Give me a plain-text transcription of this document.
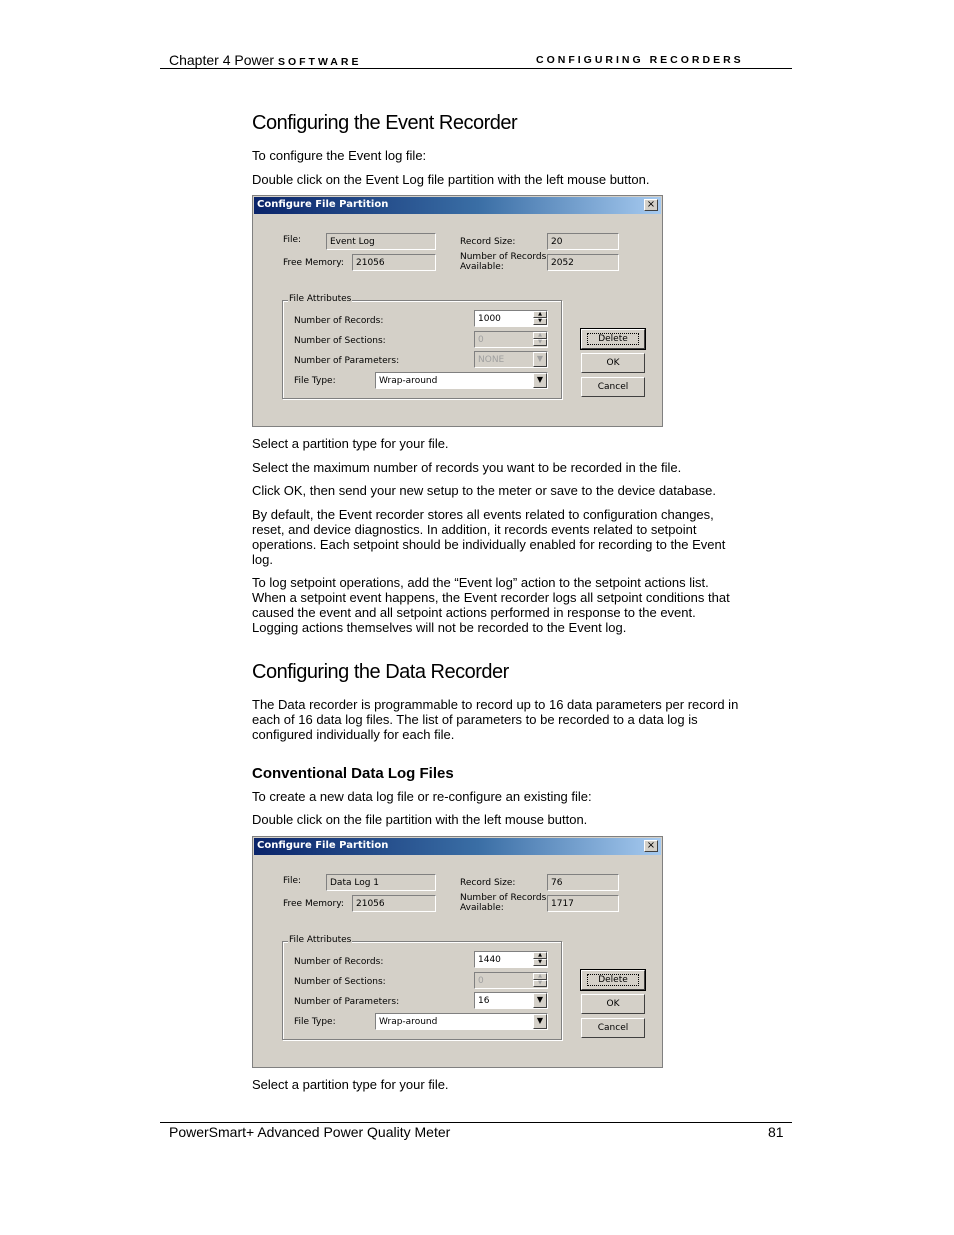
Chapter 4 Power SOFTWARE	CONFIGURING RECORDERS
Configuring the Event Recorder

To configure the Event log file:

Double click on the Event Log file partition with the left mouse button.

Configure File Partition	×
File:	Event Log
Free Memory:	21056
Record Size:	20
Number of Records Available:	2052
File Attributes
Number of Records:	1000	▲
▼
Number of Sections:	0	▲
▼
Number of Parameters:	NONE	▼
File Type:	Wrap-around	▼
Delete
OK
Cancel

Select a partition type for your file.

Select the maximum number of records you want to be recorded in the file.

Click OK, then send your new setup to the meter or save to the device database.

By default, the Event recorder stores all events related to configuration changes, reset, and device diagnostics. In addition, it records events related to setpoint operations. Each setpoint should be individually enabled for recording to the Event log.

To log setpoint operations, add the “Event log” action to the setpoint actions list. When a setpoint event happens, the Event recorder logs all setpoint conditions that caused the event and all setpoint actions performed in response to the event. Logging actions themselves will not be recorded to the Event log.

Configuring the Data Recorder

The Data recorder is programmable to record up to 16 data parameters per record in each of 16 data log files. The list of parameters to be recorded to a data log is configured individually for each file.

Conventional Data Log Files

To create a new data log file or re-configure an existing file:

Double click on the file partition with the left mouse button.

Configure File Partition	×
File:	Data Log 1
Free Memory:	21056
Record Size:	76
Number of Records Available:	1717
File Attributes
Number of Records:	1440	▲
▼
Number of Sections:	0	▲
▼
Number of Parameters:	16	▼
File Type:	Wrap-around	▼
Delete
OK
Cancel

Select a partition type for your file.

PowerSmart+ Advanced Power Quality Meter	81
